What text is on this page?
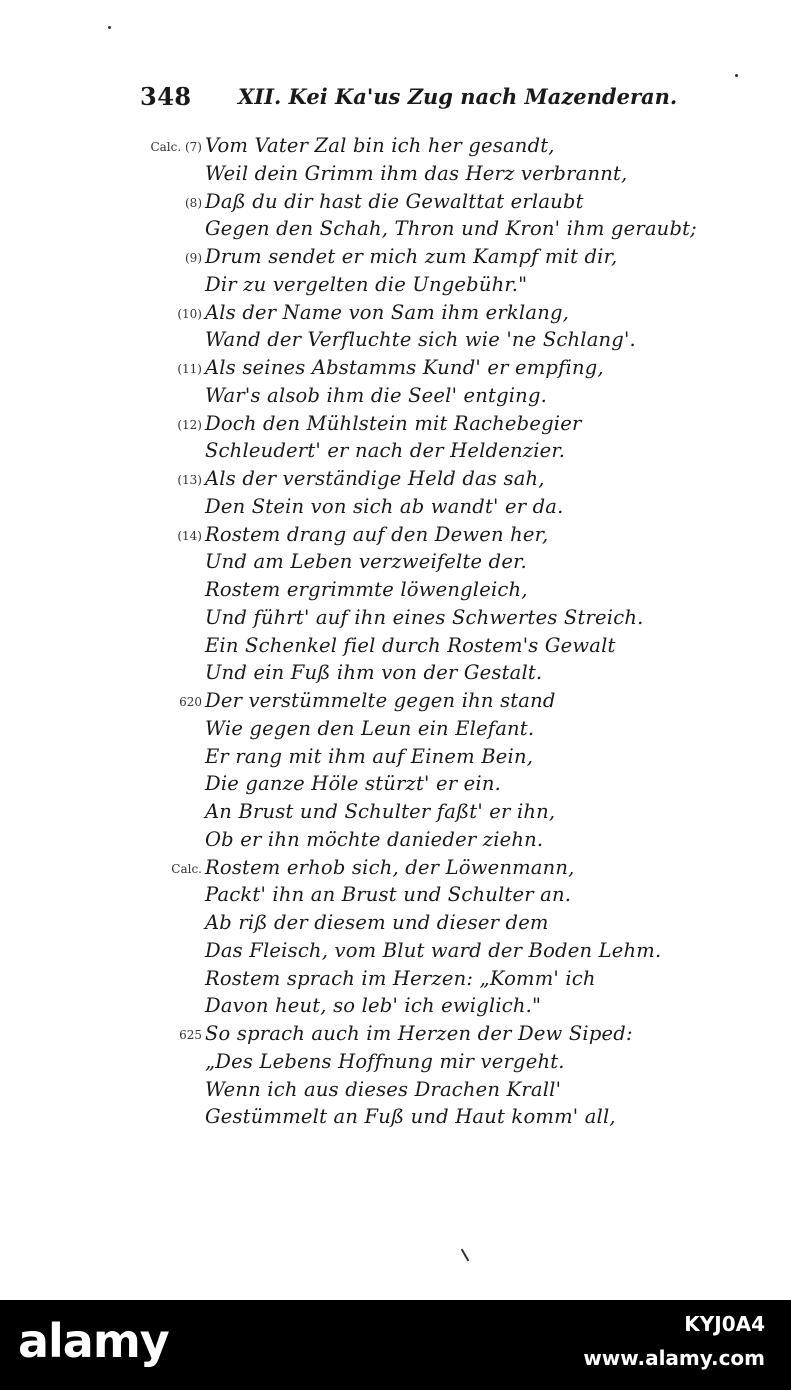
348 XII. Kei Ka'us Zug nach Mazenderan.
Calc. (7) Vom Vater Zal bin ich her gesandt,
Weil dein Grimm ihm das Herz verbrannt,
(8) Daß du dir hast die Gewalttat erlaubt
Gegen den Schah, Thron und Kron' ihm geraubt;
(9) Drum sendet er mich zum Kampf mit dir,
Dir zu vergelten die Ungebühr."
(10) Als der Name von Sam ihm erklang,
Wand der Verfluchte sich wie 'ne Schlang'.
(11) Als seines Abstamms Kund' er empfing,
War's alsob ihm die Seel' entging.
(12) Doch den Mühlstein mit Rachebegier
Schleudert' er nach der Heldenzier.
(13) Als der verständige Held das sah,
Den Stein von sich ab wandt' er da.
(14) Rostem drang auf den Dewen her,
Und am Leben verzweifelte der.
Rostem ergrimmte löwengleich,
Und führt' auf ihn eines Schwertes Streich.
Ein Schenkel fiel durch Rostem's Gewalt
Und ein Fuß ihm von der Gestalt.
620 Der verstümmelte gegen ihn stand
Wie gegen den Leun ein Elefant.
Er rang mit ihm auf Einem Bein,
Die ganze Höle stürzt' er ein.
An Brust und Schulter faßt' er ihn,
Ob er ihn möchte danieder ziehn.
Calc. Rostem erhob sich, der Löwenmann,
Packt' ihn an Brust und Schulter an.
Ab riß der diesem und dieser dem
Das Fleisch, vom Blut ward der Boden Lehm.
Rostem sprach im Herzen: „Komm' ich
Davon heut, so leb' ich ewiglich."
625 So sprach auch im Herzen der Dew Siped:
„Des Lebens Hoffnung mir vergeht.
Wenn ich aus dieses Drachen Krall'
Gestümmelt an Fuß und Haut komm' all,
alamy	KYJ0A4
www.alamy.com
